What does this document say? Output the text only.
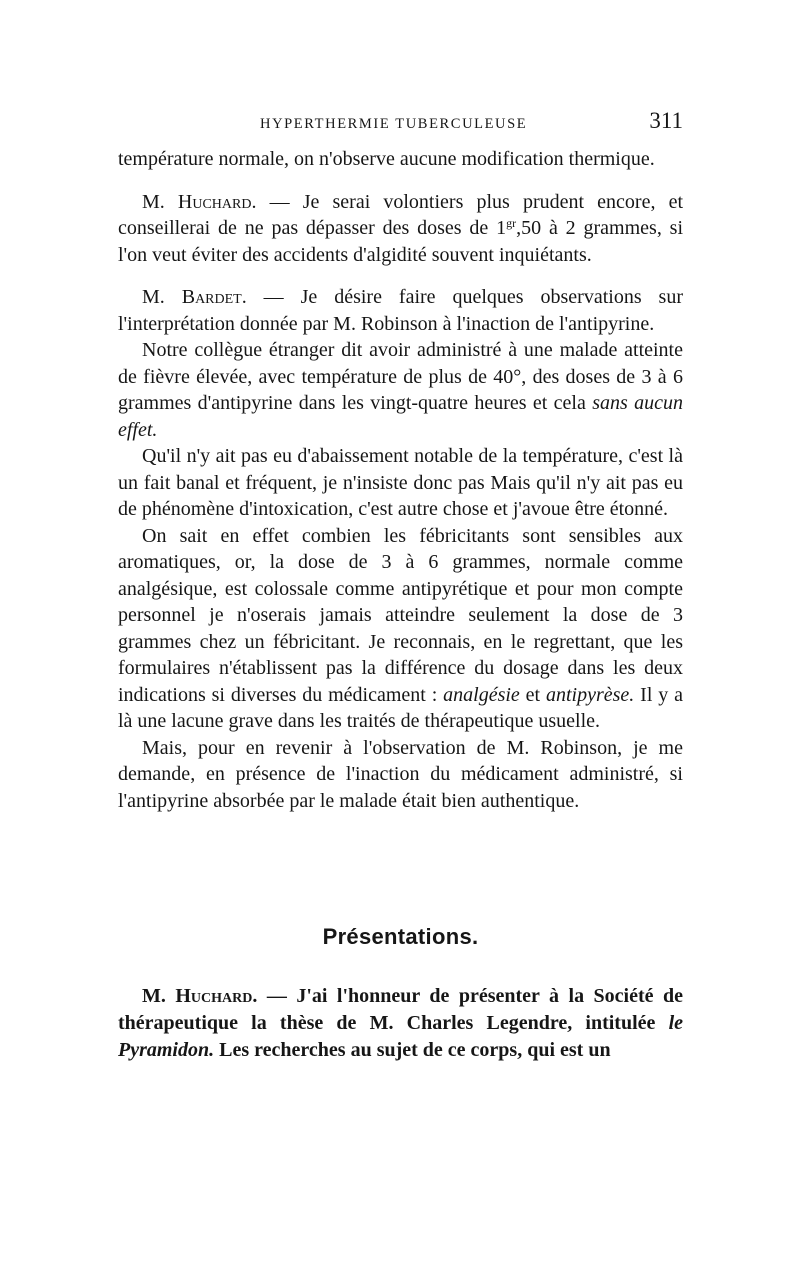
HYPERTHERMIE TUBERCULEUSE	311

température normale, on n'observe aucune modification thermique.

M. Huchard. — Je serai volontiers plus prudent encore, et conseillerai de ne pas dépasser des doses de $1^{gr},50$ à 2 grammes, si l'on veut éviter des accidents d'algidité souvent inquiétants.

M. Bardet. — Je désire faire quelques observations sur l'interprétation donnée par M. Robinson à l'inaction de l'antipyrine.

Notre collègue étranger dit avoir administré à une malade atteinte de fièvre élevée, avec température de plus de 40°, des doses de 3 à 6 grammes d'antipyrine dans les vingt-quatre heures et cela sans aucun effet.

Qu'il n'y ait pas eu d'abaissement notable de la température, c'est là un fait banal et fréquent, je n'insiste donc pas Mais qu'il n'y ait pas eu de phénomène d'intoxication, c'est autre chose et j'avoue être étonné.

On sait en effet combien les fébricitants sont sensibles aux aromatiques, or, la dose de 3 à 6 grammes, normale comme analgésique, est colossale comme antipyrétique et pour mon compte personnel je n'oserais jamais atteindre seulement la dose de 3 grammes chez un fébricitant. Je reconnais, en le regrettant, que les formulaires n'établissent pas la différence du dosage dans les deux indications si diverses du médicament : analgésie et antipyrèse. Il y a là une lacune grave dans les traités de thérapeutique usuelle.

Mais, pour en revenir à l'observation de M. Robinson, je me demande, en présence de l'inaction du médicament administré, si l'antipyrine absorbée par le malade était bien authentique.

Présentations.

M. Huchard. — J'ai l'honneur de présenter à la Société de thérapeutique la thèse de M. Charles Legendre, intitulée le Pyramidon. Les recherches au sujet de ce corps, qui est un
